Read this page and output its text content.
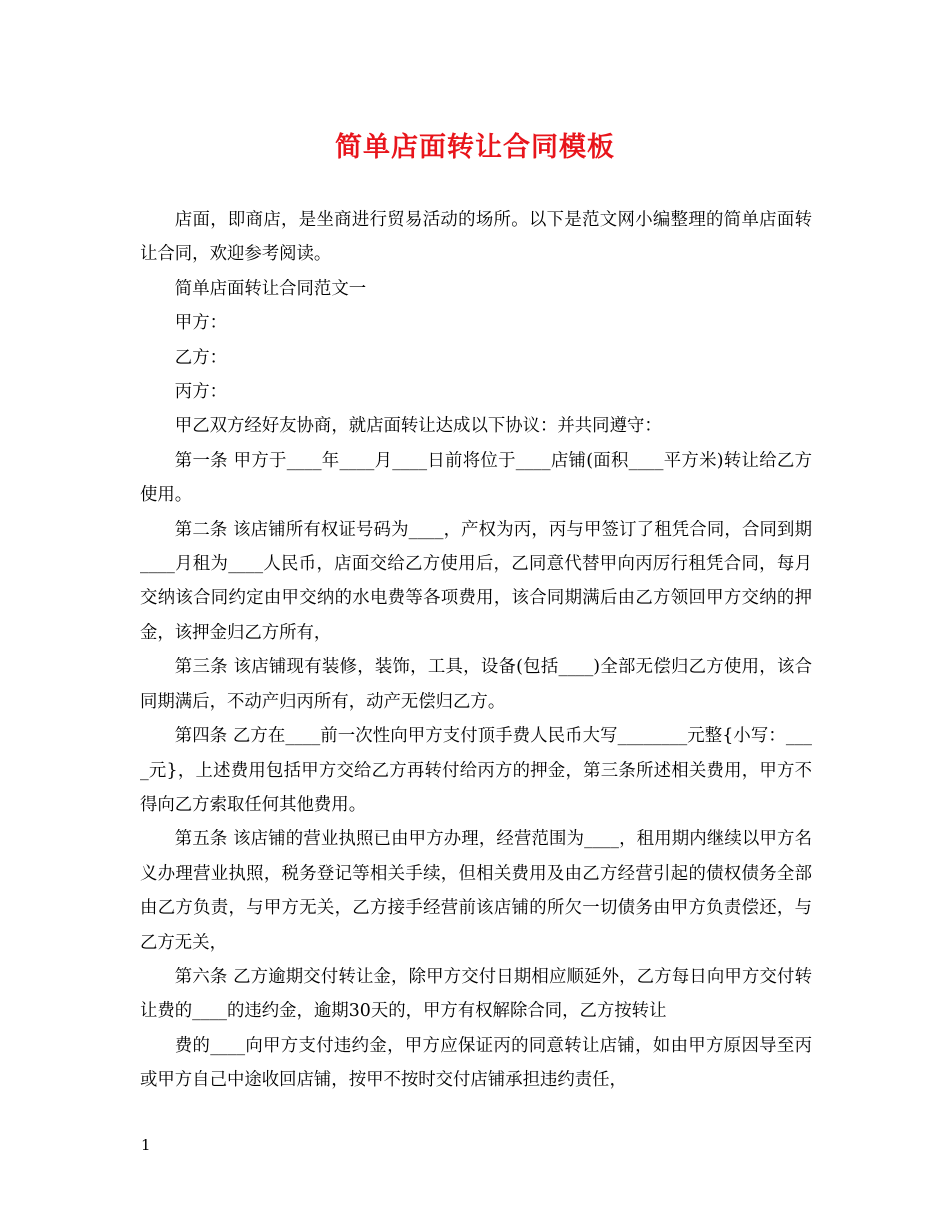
简单店面转让合同模板

店面，即商店，是坐商进行贸易活动的场所。以下是范文网小编整理的简单店面转让合同，欢迎参考阅读。

简单店面转让合同范文一

甲方：

乙方：

丙方：

甲乙双方经好友协商，就店面转让达成以下协议：并共同遵守：

第一条 甲方于____年____月____日前将位于____店铺(面积____平方米)转让给乙方使用。

第二条 该店铺所有权证号码为____，产权为丙，丙与甲签订了租凭合同，合同到期____月租为____人民币，店面交给乙方使用后，乙同意代替甲向丙厉行租凭合同，每月交纳该合同约定由甲交纳的水电费等各项费用，该合同期满后由乙方领回甲方交纳的押金，该押金归乙方所有，

第三条 该店铺现有装修，装饰，工具，设备(包括____)全部无偿归乙方使用，该合同期满后，不动产归丙所有，动产无偿归乙方。

第四条 乙方在____前一次性向甲方支付顶手费人民币大写________元整{小写：____元}，上述费用包括甲方交给乙方再转付给丙方的押金，第三条所述相关费用，甲方不得向乙方索取任何其他费用。

第五条 该店铺的营业执照已由甲方办理，经营范围为____，租用期内继续以甲方名义办理营业执照，税务登记等相关手续，但相关费用及由乙方经营引起的债权债务全部由乙方负责，与甲方无关，乙方接手经营前该店铺的所欠一切债务由甲方负责偿还，与乙方无关，

第六条 乙方逾期交付转让金，除甲方交付日期相应顺延外，乙方每日向甲方交付转让费的____的违约金，逾期30天的，甲方有权解除合同，乙方按转让

费的____向甲方支付违约金，甲方应保证丙的同意转让店铺，如由甲方原因导至丙或甲方自己中途收回店铺，按甲不按时交付店铺承担违约责任，

1
